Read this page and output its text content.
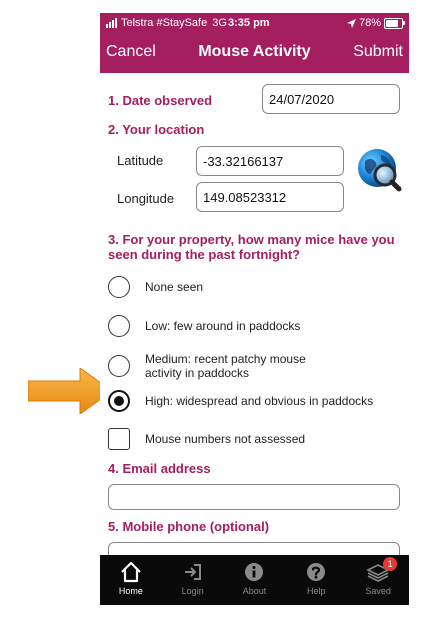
Telstra #StaySafe 3G 3:35 pm	78%
Cancel	Mouse Activity	Submit
1. Date observed
24/07/2020
2. Your location
Latitude
-33.32166137
Longitude
149.08523312
3. For your property, how many mice have you seen during the past fortnight?
None seen
Low: few around in paddocks
Medium: recent patchy mouse activity in paddocks
High: widespread and obvious in paddocks
Mouse numbers not assessed
4. Email address
5. Mobile phone (optional)
Home	Login	About	Help
1
Saved
